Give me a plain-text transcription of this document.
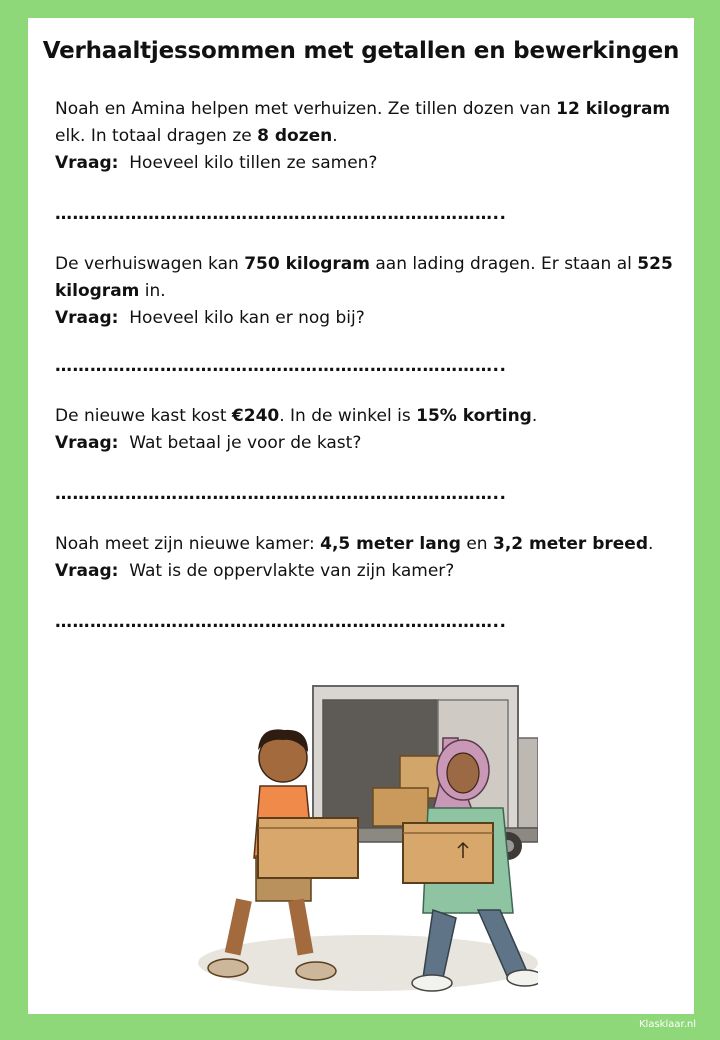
Verhaaltjessommen met getallen en bewerkingen

Noah en Amina helpen met verhuizen. Ze tillen dozen van 12 kilogram elk. In totaal dragen ze 8 dozen.

Vraag: Hoeveel kilo tillen ze samen?

…………………………………………………………………..

De verhuiswagen kan 750 kilogram aan lading dragen. Er staan al 525 kilogram in.

Vraag: Hoeveel kilo kan er nog bij?

…………………………………………………………………..

De nieuwe kast kost €240. In de winkel is 15% korting.

Vraag: Wat betaal je voor de kast?

…………………………………………………………………..

Noah meet zijn nieuwe kamer: 4,5 meter lang en 3,2 meter breed.

Vraag: Wat is de oppervlakte van zijn kamer?

…………………………………………………………………..
Klasklaar.nl
